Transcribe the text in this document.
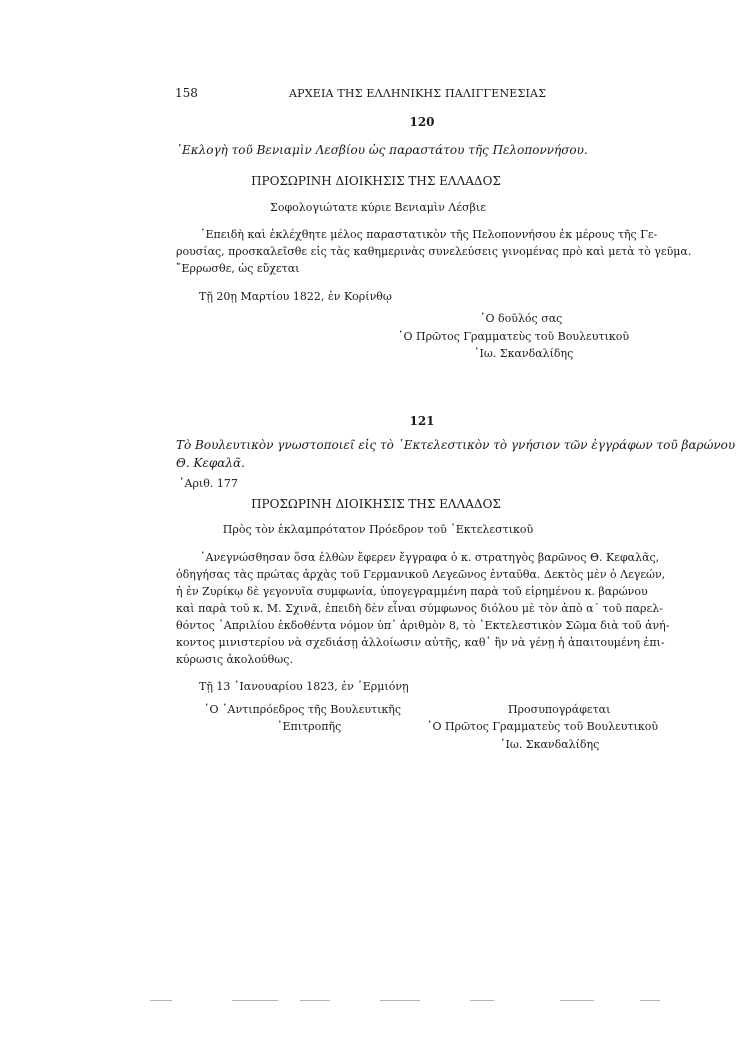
158	ΑΡΧΕΙΑ ΤΗΣ ΕΛΛΗΝΙΚΗΣ ΠΑΛΙΓΓΕΝΕΣΙΑΣ
120
᾿Εκλογὴ τοῦ Βενιαμὶν Λεσβίου ὡς παραστάτου τῆς Πελοποννήσου.
ΠΡΟΣΩΡΙΝΗ ΔΙΟΙΚΗΣΙΣ ΤΗΣ ΕΛΛΑΔΟΣ
Σοφολογιώτατε κύριε Βενιαμὶν Λέσβιε
᾿Επειδὴ καὶ ἐκλέχθητε μέλος παραστατικὸν τῆς Πελοποννήσου ἐκ μέρους τῆς Γε-
ρουσίας, προσκαλεῖσθε εἰς τὰς καθημερινὰς συνελεύσεις γινομένας πρὸ καὶ μετὰ τὸ γεῦμα.
῎Ερρωσθε, ὡς εὔχεται
Τῇ 20ῃ Μαρτίου 1822, ἐν Κορίνθῳ
῾Ο δοῦλός σας
῾Ο Πρῶτος Γραμματεὺς τοῦ Βουλευτικοῦ
᾿Ιω. Σκανδαλίδης
121
Τὸ Βουλευτικὸν γνωστοποιεῖ εἰς τὸ ᾿Εκτελεστικὸν τὸ γνήσιον τῶν ἐγγράφων τοῦ βαρώνου
Θ. Κεφαλᾶ.
᾿Αριθ. 177
ΠΡΟΣΩΡΙΝΗ ΔΙΟΙΚΗΣΙΣ ΤΗΣ ΕΛΛΑΔΟΣ
Πρὸς τὸν ἐκλαμπρότατον Πρόεδρον τοῦ ᾿Εκτελεστικοῦ
᾿Ανεγνώσθησαν ὅσα ἐλθὼν ἔφερεν ἔγγραφα ὁ κ. στρατηγὸς βαρῶνος Θ. Κεφαλᾶς,
ὁδηγήσας τὰς πρώτας ἀρχὰς τοῦ Γερμανικοῦ Λεγεῶνος ἐνταῦθα. Δεκτὸς μὲν ὁ Λεγεών,
ἡ ἐν Ζυρίκῳ δὲ γεγονυῖα συμφωνία, ὑπογεγραμμένη παρὰ τοῦ εἰρημένου κ. βαρώνου
καὶ παρὰ τοῦ κ. Μ. Σχινᾶ, ἐπειδὴ δὲν εἶναι σύμφωνος διόλου μὲ τὸν ἀπὸ α´ τοῦ παρελ-
θόντος ᾿Απριλίου ἐκδοθέντα νόμον ὑπ᾿ ἀριθμὸν 8, τὸ ᾿Εκτελεστικὸν Σῶμα διὰ τοῦ ἀνή-
κοντος μινιστερίου νὰ σχεδιάσῃ ἀλλοίωσιν αὐτῆς, καθ᾿ ἣν νὰ γένῃ ἡ ἀπαιτουμένη ἐπι-
κύρωσις ἀκολούθως.
Τῇ 13 ᾿Ιανουαρίου 1823, ἐν ῾Ερμιόνῃ
῾Ο ᾿Αντιπρόεδρος τῆς Βουλευτικῆς
᾿Επιτροπῆς
Προσυπογράφεται
῾Ο Πρῶτος Γραμματεὺς τοῦ Βουλευτικοῦ
᾿Ιω. Σκανδαλίδης
